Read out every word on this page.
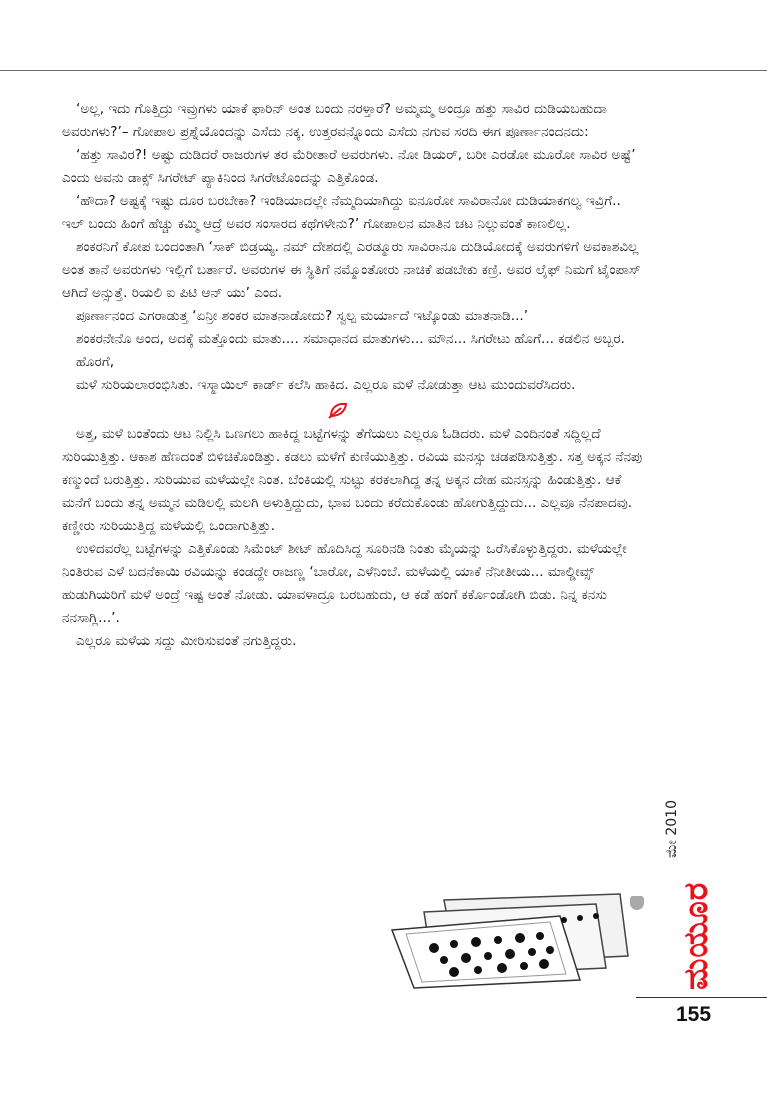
‘ಅಲ್ಲ, ಇದು ಗೊತ್ತಿದ್ರು ಇವ್ರುಗಳು ಯಾಕೆ ಫಾರಿನ್ ಅಂತ ಬಂದು ನರಳ್ತಾರೆ? ಅಮ್ಮಮ್ಮ ಅಂದ್ರೂ ಹತ್ತು ಸಾವಿರ ದುಡಿಯಬಹುದಾ ಅವರುಗಳು?’– ಗೋಪಾಲ ಪ್ರಶ್ನೆಯೊಂದನ್ನು ಎಸೆದು ನಕ್ಕ. ಉತ್ತರವನ್ನೊಂದು ಎಸೆದು ನಗುವ ಸರದಿ ಈಗ ಪೂರ್ಣಾನಂದನದು:

‘ಹತ್ತು ಸಾವಿರ?! ಅಷ್ಟು ದುಡಿದರೆ ರಾಜರುಗಳ ತರ ಮೆರೀತಾರೆ ಅವರುಗಳು. ನೋ ಡಿಯರ್, ಬರೀ ಎರಡೋ ಮೂರೋ ಸಾವಿರ ಅಷ್ಟೆ’ ಎಂದು ಅವನು ಡಾಕ್ಸ್ ಸಿಗರೇಟ್ ಪ್ಯಾಕಿನಿಂದ ಸಿಗರೇಟೊಂದನ್ನು ಎತ್ತಿಕೊಂಡ.

‘ಹೌದಾ? ಅಷ್ಟಕ್ಕೆ ಇಷ್ಟು ದೂರ ಬರಬೇಕಾ? ಇಂಡಿಯಾದಲ್ಲೇ ನೆಮ್ಮದಿಯಾಗಿದ್ದು ಐನೂರೋ ಸಾವಿರಾನೋ ದುಡಿಯಾಕಗಲ್ವ ಇವ್ರಿಗೆ.. ಇಲ್ ಬಂದು ಹಿಂಗೆ ಹೆಚ್ಚು ಕಮ್ಮಿ ಆದ್ರೆ ಅವರ ಸಂಸಾರದ ಕಥೆಗಳೇನು?’ ಗೋಪಾಲನ ಮಾತಿನ ಚಟ ನಿಲ್ಲುವಂತೆ ಕಾಣಲಿಲ್ಲ.

ಶಂಕರನಿಗೆ ಕೋಪ ಬಂದಂತಾಗಿ ‘ಸಾಕ್ ಬಿಡ್ರಯ್ಯ. ನಮ್ ದೇಶದಲ್ಲಿ ಎರಡ್ಮೂರು ಸಾವಿರಾನೂ ದುಡಿಯೋದಕ್ಕೆ ಅವರುಗಳಿಗೆ ಅವಕಾಶವಿಲ್ಲ ಅಂತ ತಾನೆ ಅವರುಗಳು ಇಲ್ಲಿಗೆ ಬರ್ತಾರೆ. ಅವರುಗಳ ಈ ಸ್ಥಿತಿಗೆ ನಮ್ಮೊಂತೋರು ನಾಚಿಕೆ ಪಡಬೇಕು ಕಣ್ರಿ. ಅವರ ಲೈಫ್ ನಿಮಗೆ ಟೈಂಪಾಸ್ ಆಗಿದೆ ಅನ್ಸುತ್ತೆ. ರಿಯಲಿ ಐ ಪಿಟಿ ಆನ್ ಯು’ ಎಂದ.

ಪೂರ್ಣಾನಂದ ಎಗರಾಡುತ್ತ ‘ಏನ್ರೀ ಶಂಕರ ಮಾತನಾಡೋದು? ಸ್ವಲ್ಪ ಮರ್ಯಾದೆ ಇಟ್ಕೊಂಡು ಮಾತನಾಡಿ...’

ಶಂಕರನೇನೊ ಅಂದ, ಅದಕ್ಕೆ ಮತ್ತೊಂದು ಮಾತು.... ಸಮಾಧಾನದ ಮಾತುಗಳು... ಮೌನ... ಸಿಗರೇಟು ಹೊಗೆ... ಕಡಲಿನ ಅಬ್ಬರ.

ಹೊರಗೆ,

ಮಳೆ ಸುರಿಯಲಾರಂಭಿಸಿತು. ಇಸ್ಮಾಯಿಲ್ ಕಾರ್ಡ್ ಕಲೆಸಿ ಹಾಕಿದ. ಎಲ್ಲರೂ ಮಳೆ ನೋಡುತ್ತಾ ಆಟ ಮುಂದುವರೆಸಿದರು.

ಅತ್ತ, ಮಳೆ ಬಂತೆಂದು ಆಟ ನಿಲ್ಲಿಸಿ ಒಣಗಲು ಹಾಕಿದ್ದ ಬಟ್ಟೆಗಳನ್ನು ತೆಗೆಯಲು ಎಲ್ಲರೂ ಓಡಿದರು. ಮಳೆ ಎಂದಿನಂತೆ ಸದ್ದಿಲ್ಲದೆ ಸುರಿಯುತ್ತಿತ್ತು. ಆಕಾಶ ಹೆಣದಂತೆ ಬಿಳಿಚಿಕೊಂಡಿತ್ತು. ಕಡಲು ಮಳೆಗೆ ಕುಣಿಯುತ್ತಿತ್ತು. ರವಿಯ ಮನಸ್ಸು ಚಡಪಡಿಸುತ್ತಿತ್ತು. ಸತ್ತ ಅಕ್ಕನ ನೆನಪು ಕಣ್ಮುಂದೆ ಬರುತ್ತಿತ್ತು. ಸುರಿಯುವ ಮಳೆಯಲ್ಲೇ ನಿಂತ. ಬೆಂಕಿಯಲ್ಲಿ ಸುಟ್ಟು ಕರಕಲಾಗಿದ್ದ ತನ್ನ ಅಕ್ಕನ ದೇಹ ಮನಸ್ಸನ್ನು ಹಿಂಡುತ್ತಿತ್ತು. ಆಕೆ ಮನೆಗೆ ಬಂದು ತನ್ನ ಅಮ್ಮನ ಮಡಿಲಲ್ಲಿ ಮಲಗಿ ಅಳುತ್ತಿದ್ದುದು, ಭಾವ ಬಂದು ಕರೆದುಕೊಂಡು ಹೋಗುತ್ತಿದ್ದುದು... ಎಲ್ಲವೂ ನೆನಪಾದವು. ಕಣ್ಣೀರು ಸುರಿಯುತ್ತಿದ್ದ ಮಳೆಯಲ್ಲಿ ಒಂದಾಗುತ್ತಿತ್ತು.

ಉಳಿದವರೆಲ್ಲ ಬಟ್ಟೆಗಳನ್ನು ಎತ್ತಿಕೊಂಡು ಸಿಮೆಂಟ್ ಶೀಟ್ ಹೊದಿಸಿದ್ದ ಸೂರಿನಡಿ ನಿಂತು ಮೈಯನ್ನು ಒರೆಸಿಕೊಳ್ಳುತ್ತಿದ್ದರು. ಮಳೆಯಲ್ಲೇ ನಿಂತಿರುವ ಎಳೆ ಬದನೆಕಾಯಿ ರವಿಯನ್ನು ಕಂಡದ್ದೇ ರಾಜಣ್ಣ ‘ಬಾರೋ, ಎಳೆನಿಂಬೆ. ಮಳೆಯಲ್ಲಿ ಯಾಕೆ ನೆನೀತೀಯ... ಮಾಲ್ಡೀವ್ಸ್ ಹುಡುಗಿಯರಿಗೆ ಮಳೆ ಅಂದ್ರೆ ಇಷ್ಟ ಅಂತೆ ನೋಡು. ಯಾವಳಾದ್ರೂ ಬರಬಹುದು, ಆ ಕಡೆ ಹಂಗೆ ಕರ್ಕೊಂಡೋಗಿ ಬಿಡು. ನಿನ್ನ ಕನಸು ನನಸಾಗ್ಲಿ...’.

ಎಲ್ಲರೂ ಮಳೆಯ ಸದ್ದು ಮೀರಿಸುವಂತೆ ನಗುತ್ತಿದ್ದರು.

ಮೇ 2010
ಮಯೂರ
155
